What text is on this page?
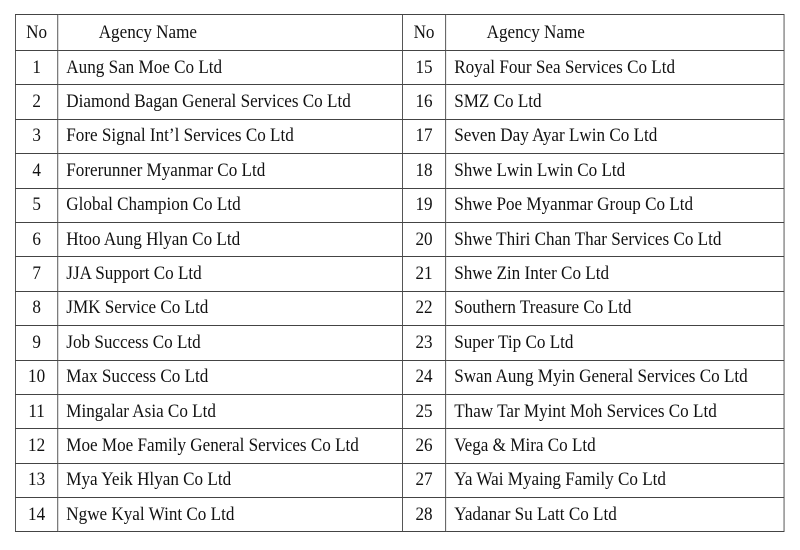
No	Agency Name	No	Agency Name
1	Aung San Moe Co Ltd	15	Royal Four Sea Services Co Ltd
2	Diamond Bagan General Services Co Ltd	16	SMZ Co Ltd
3	Fore Signal Int’l Services Co Ltd	17	Seven Day Ayar Lwin Co Ltd
4	Forerunner Myanmar Co Ltd	18	Shwe Lwin Lwin Co Ltd
5	Global Champion Co Ltd	19	Shwe Poe Myanmar Group Co Ltd
6	Htoo Aung Hlyan Co Ltd	20	Shwe Thiri Chan Thar Services Co Ltd
7	JJA Support Co Ltd	21	Shwe Zin Inter Co Ltd
8	JMK Service Co Ltd	22	Southern Treasure Co Ltd
9	Job Success Co Ltd	23	Super Tip Co Ltd
10	Max Success Co Ltd	24	Swan Aung Myin General Services Co Ltd
11	Mingalar Asia Co Ltd	25	Thaw Tar Myint Moh Services Co Ltd
12	Moe Moe Family General Services Co Ltd	26	Vega & Mira Co Ltd
13	Mya Yeik Hlyan Co Ltd	27	Ya Wai Myaing Family Co Ltd
14	Ngwe Kyal Wint Co Ltd	28	Yadanar Su Latt Co Ltd
